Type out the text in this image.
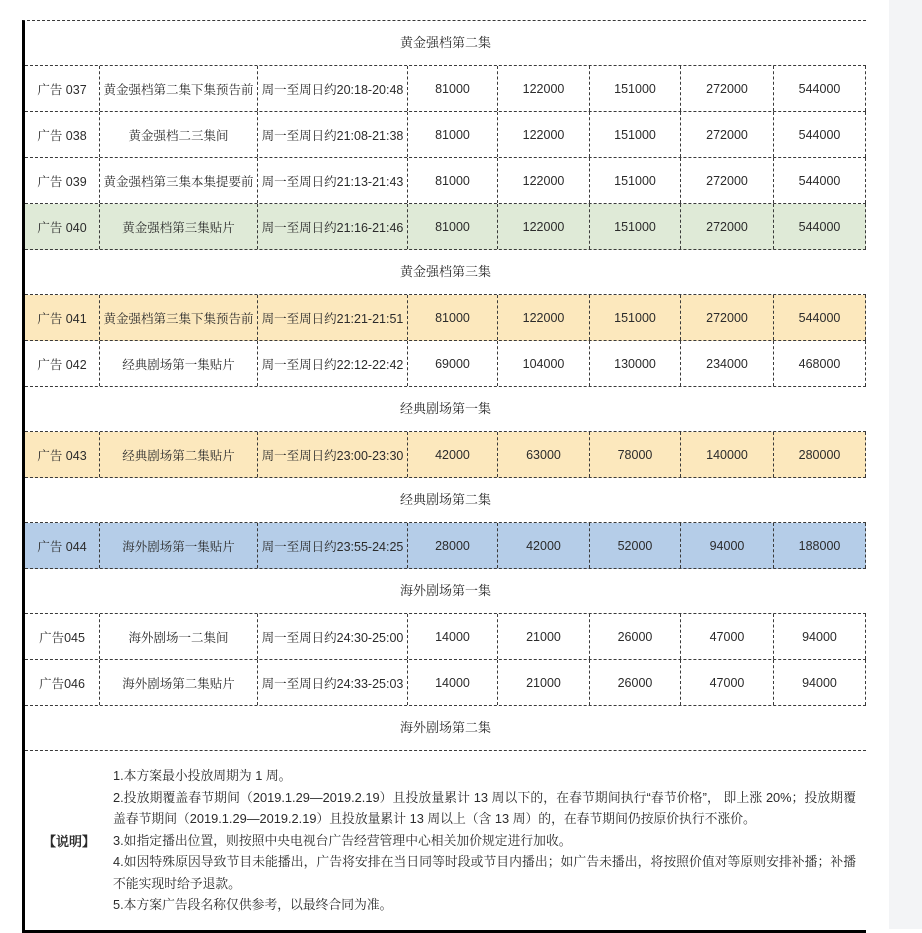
黄金强档第二集
广告 037	黄金强档第二集下集预告前 周一至周日约20:18-20:48	81000	122000	151000	272000	544000
广告 038	黄金强档二三集间	周一至周日约21:08-21:38	81000	122000	151000	272000	544000
广告 039	黄金强档第三集本集提要前 周一至周日约21:13-21:43	81000	122000	151000	272000	544000
广告 040	黄金强档第三集贴片	周一至周日约21:16-21:46	81000	122000	151000	272000	544000
黄金强档第三集
广告 041	黄金强档第三集下集预告前 周一至周日约21:21-21:51	81000	122000	151000	272000	544000
广告 042	经典剧场第一集贴片	周一至周日约22:12-22:42	69000	104000	130000	234000	468000
经典剧场第一集
广告 043	经典剧场第二集贴片	周一至周日约23:00-23:30	42000	63000	78000	140000	280000
经典剧场第二集
广告 044	海外剧场第一集贴片	周一至周日约23:55-24:25	28000	42000	52000	94000	188000
海外剧场第一集
广告045	海外剧场一二集间	周一至周日约24:30-25:00	14000	21000	26000	47000	94000
广告046	海外剧场第二集贴片	周一至周日约24:33-25:03	14000	21000	26000	47000	94000
海外剧场第二集
【说明】
1.本方案最小投放周期为 1 周。
2.投放期覆盖春节期间（2019.1.29—2019.2.19）且投放量累计 13 周以下的，在春节期间执行“春节价格”， 即上涨 20%；投放期覆盖春节期间（2019.1.29—2019.2.19）且投放量累计 13 周以上（含 13 周）的，在春节期间仍按原价执行不涨价。
3.如指定播出位置，则按照中央电视台广告经营管理中心相关加价规定进行加收。
4.如因特殊原因导致节目未能播出，广告将安排在当日同等时段或节目内播出；如广告未播出，将按照价值对等原则安排补播；补播不能实现时给予退款。
5.本方案广告段名称仅供参考，以最终合同为准。
